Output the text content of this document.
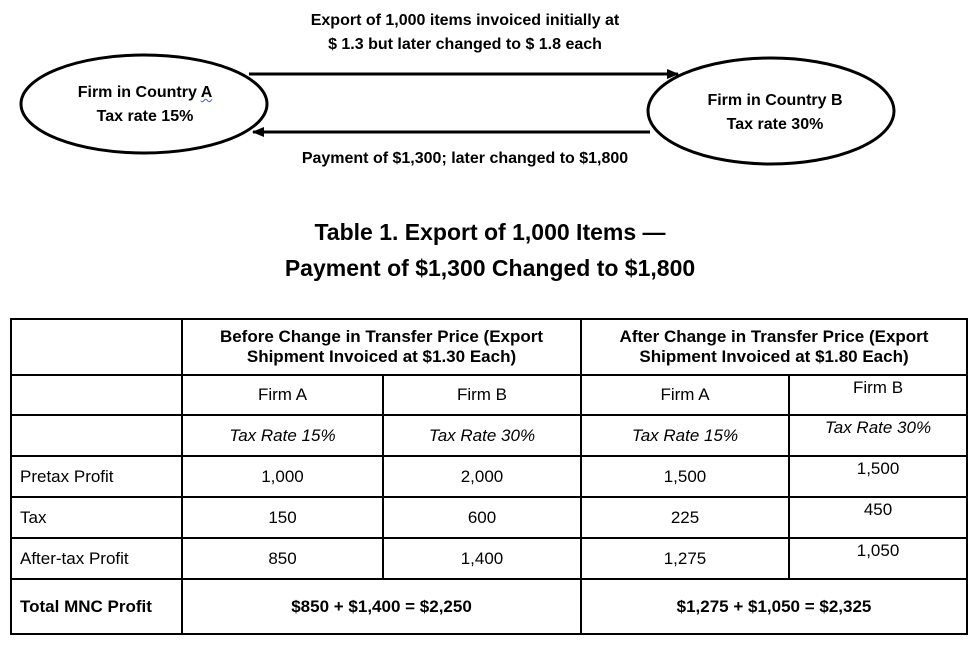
Export of 1,000 items invoiced initially at
$ 1.3 but later changed to $ 1.8 each
Payment of $1,300; later changed to $1,800
Firm in Country A
Tax rate 15%
Firm in Country B
Tax rate 30%
Table 1. Export of 1,000 Items —
Payment of $1,300 Changed to $1,800
	Before Change in Transfer Price (Export Shipment Invoiced at $1.30 Each)		After Change in Transfer Price (Export Shipment Invoiced at $1.80 Each)	
	Firm A	Firm B	Firm A	Firm B
	Tax Rate 15%	Tax Rate 30%	Tax Rate 15%	Tax Rate 30%
Pretax Profit	1,000	2,000	1,500	1,500
Tax	150	600	225	450
After-tax Profit	850	1,400	1,275	1,050
Total MNC Profit	$850 + $1,400 = $2,250		$1,275 + $1,050 = $2,325	
